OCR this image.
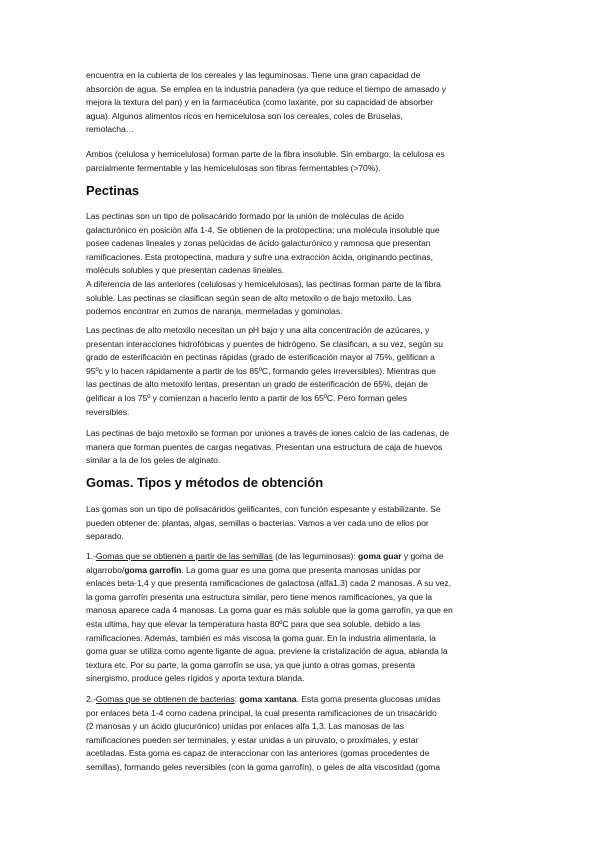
encuentra en la cubierta de los cereales y las leguminosas. Tiene una gran capacidad de
absorción de agua. Se emplea en la industria panadera (ya que reduce el tiempo de amasado y
mejora la textura del pan) y en la farmacéutica (como laxante, por su capacidad de absorber
agua). Algunos alimentos ricos en hemicelulosa son los cereales, coles de Bruselas,
remolacha…
Ambos (celulosa y hemicelulosa) forman parte de la fibra insoluble. Sin embargo, la celulosa es
parcialmente fermentable y las hemicelulosas son fibras fermentables (>70%).
Pectinas
Las pectinas son un tipo de polisacárido formado por la unión de moléculas de ácido
galacturónico en posición alfa 1-4. Se obtienen de la protopectina; una molécula insoluble que
posee cadenas lineales y zonas pelúcidas de ácido galacturónico y ramnosa que presentan
ramificaciones. Esta protopectina, madura y sufre una extracción ácida, originando pectinas,
moléculs solubles y que presentan cadenas lineales.
A diferencia de las anteriores (celulosas y hemicelulosas), las pectinas forman parte de la fibra
soluble. Las pectinas se clasifican según sean de alto metoxilo o de bajo metoxilo. Las
podemos encontrar en zumos de naranja, mermeladas y gominolas.
Las pectinas de alto metoxilo necesitan un pH bajo y una alta concentración de azúcares, y
presentan interacciones hidrofóbicas y puentes de hidrógeno. Se clasifican, a su vez, según su
grado de esterificación en pectinas rápidas (grado de esterificación mayor al 75%, gelifican a
95ºc y lo hacen rápidamente a partir de los 85ºC, formando geles irreversibles). Mientras que
las pectinas de alto metoxilo lentas, presentan un grado de esterificación de 65%, dejan de
gelificar a los 75º y comienzan a hacerlo lento a partir de los 65ºC. Pero forman geles
reversibles.
Las pectinas de bajo metoxilo se forman por uniones a través de iones calcio de las cadenas, de
manera que forman puentes de cargas negativas. Presentan una estructura de caja de huevos
similar a la de los geles de alginato.
Gomas. Tipos y métodos de obtención
Las gomas son un tipo de polisacáridos gelificantes, con función espesante y estabilizante. Se
pueden obtener de: plantas, algas, semillas o bacterias. Vamos a ver cada uno de ellos por
separado.
1.-Gomas que se obtienen a partir de las semillas (de las leguminosas): goma guar y goma de
algarrobo/goma garrofín. La goma guar es una goma que presenta manosas unidas por
enlaces beta-1,4 y que presenta ramificaciones de galactosa (alfa1,3) cada 2 manosas. A su vez,
la goma garrofín presenta una estructura similar, pero tiene menos ramificaciones, ya que la
manosa aparece cada 4 manosas. La goma guar es más soluble que la goma garrofín, ya que en
esta ultima, hay que elevar la temperatura hasta 80ºC para que sea soluble, debido a las
ramificaciones. Además, también es más viscosa la goma guar. En la industria alimentaria, la
goma guar se utiliza como agente ligante de agua, previene la cristalización de agua, ablanda la
textura etc. Por su parte, la goma garrofín se usa, ya que junto a otras gomas, presenta
sinergismo, produce geles rígidos y aporta textura blanda.
2.-Gomas que se obtienen de bacterias: goma xantana. Esta goma presenta glucosas unidas
por enlaces beta 1-4 como cadena principal, la cual presenta ramificaciones de un trisacárido
(2 manosas y un ácido glucurónico) unidas por enlaces alfa 1,3. Las manosas de las
ramificaciones pueden ser terminales, y estar unidas a un piruvato, o proximales, y estar
acetiladas. Esta goma es capaz de interaccionar con las anteriores (gomas procedentes de
semillas), formando geles reversibles (con la goma garrofín), o geles de alta viscosidad (goma
